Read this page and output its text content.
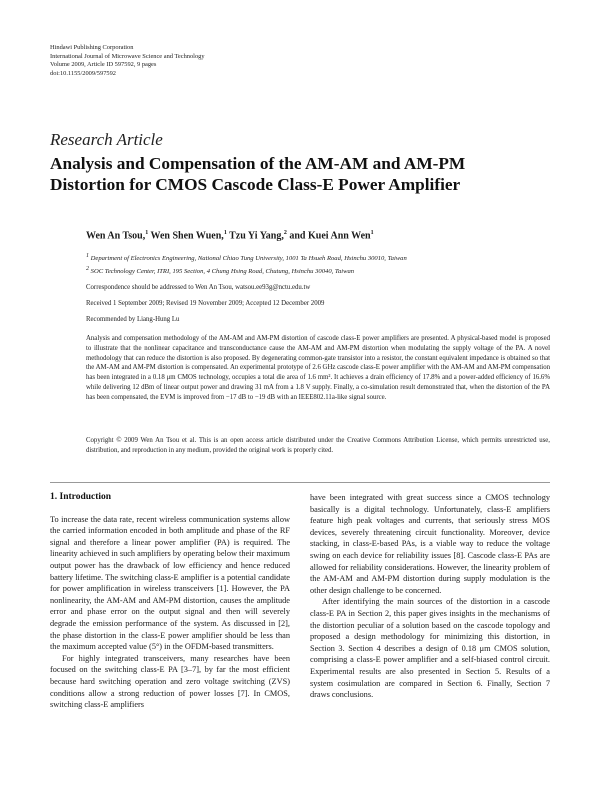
Hindawi Publishing Corporation
International Journal of Microwave Science and Technology
Volume 2009, Article ID 597592, 9 pages
doi:10.1155/2009/597592
Research Article
Analysis and Compensation of the AM-AM and AM-PM
Distortion for CMOS Cascode Class-E Power Amplifier
Wen An Tsou,$^1$ Wen Shen Wuen,$^1$ Tzu Yi Yang,$^2$ and Kuei Ann Wen$^1$
$^1$ Department of Electronics Engineering, National Chiao Tung University, 1001 Ta Hsueh Road, Hsinchu 30010, Taiwan
$^2$ SOC Technology Center, ITRI, 195 Section, 4 Chung Hsing Road, Chutung, Hsinchu 30040, Taiwan
Correspondence should be addressed to Wen An Tsou, watsou.ee93g@nctu.edu.tw
Received 1 September 2009; Revised 19 November 2009; Accepted 12 December 2009
Recommended by Liang-Hung Lu
Analysis and compensation methodology of the AM-AM and AM-PM distortion of cascode class-E power amplifiers are presented. A physical-based model is proposed to illustrate that the nonlinear capacitance and transconductance cause the AM-AM and AM-PM distortion when modulating the supply voltage of the PA. A novel methodology that can reduce the distortion is also proposed. By degenerating common-gate transistor into a resistor, the constant equivalent impedance is obtained so that the AM-AM and AM-PM distortion is compensated. An experimental prototype of 2.6 GHz cascode class-E power amplifier with the AM-AM and AM-PM compensation has been integrated in a 0.18 μm CMOS technology, occupies a total die area of 1.6 mm². It achieves a drain efficiency of 17.8% and a power-added efficiency of 16.6% while delivering 12 dBm of linear output power and drawing 31 mA from a 1.8 V supply. Finally, a co-simulation result demonstrated that, when the distortion of the PA has been compensated, the EVM is improved from −17 dB to −19 dB with an IEEE802.11a-like signal source.
Copyright © 2009 Wen An Tsou et al. This is an open access article distributed under the Creative Commons Attribution License, which permits unrestricted use, distribution, and reproduction in any medium, provided the original work is properly cited.
1. Introduction

To increase the data rate, recent wireless communication systems allow the carried information encoded in both amplitude and phase of the RF signal and therefore a linear power amplifier (PA) is required. The linearity achieved in such amplifiers by operating below their maximum output power has the drawback of low efficiency and hence reduced battery lifetime. The switching class-E amplifier is a potential candidate for power amplification in wireless transceivers [1]. However, the PA nonlinearity, the AM-AM and AM-PM distortion, causes the amplitude error and phase error on the output signal and then will severely degrade the emission performance of the system. As discussed in [2], the phase distortion in the class-E power amplifier should be less than the maximum accepted value (5°) in the OFDM-based transmitters.

For highly integrated transceivers, many researches have been focused on the switching class-E PA [3–7], by far the most efficient because hard switching operation and zero voltage switching (ZVS) conditions allow a strong reduction of power losses [7]. In CMOS, switching class-E amplifiers

have been integrated with great success since a CMOS technology basically is a digital technology. Unfortunately, class-E amplifiers feature high peak voltages and currents, that seriously stress MOS devices, severely threatening circuit functionality. Moreover, device stacking, in class-E-based PAs, is a viable way to reduce the voltage swing on each device for reliability issues [8]. Cascode class-E PAs are allowed for reliability considerations. However, the linearity problem of the AM-AM and AM-PM distortion during supply modulation is the other design challenge to be concerned.

After identifying the main sources of the distortion in a cascode class-E PA in Section 2, this paper gives insights in the mechanisms of the distortion peculiar of a solution based on the cascode topology and proposed a design methodology for minimizing this distortion, in Section 3. Section 4 describes a design of 0.18 μm CMOS solution, comprising a class-E power amplifier and a self-biased control circuit. Experimental results are also presented in Section 5. Results of a system cosimulation are compared in Section 6. Finally, Section 7 draws conclusions.
